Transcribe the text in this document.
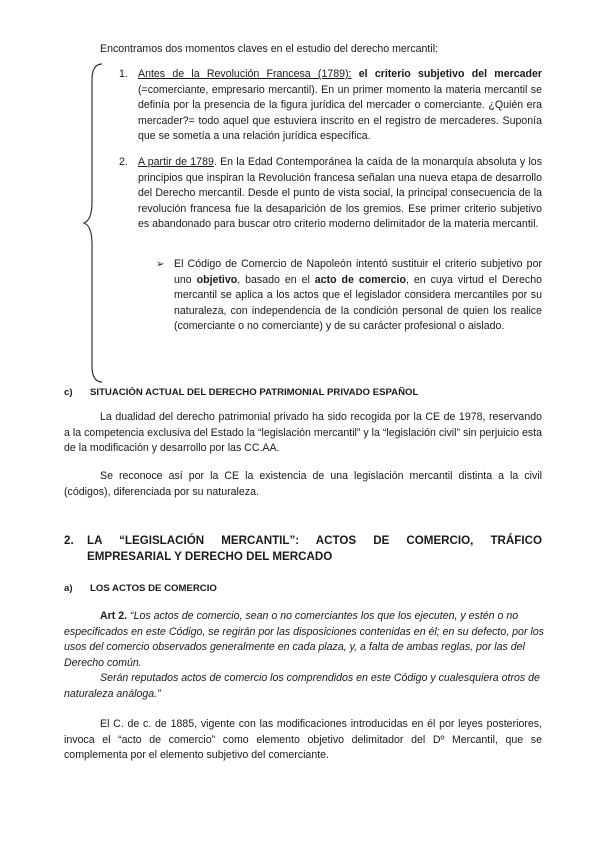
Encontramos dos momentos claves en el estudio del derecho mercantil:
1. Antes de la Revolución Francesa (1789): el criterio subjetivo del mercader (=comerciante, empresario mercantil). En un primer momento la materia mercantil se definía por la presencia de la figura jurídica del mercader o comerciante. ¿Quién era mercader?= todo aquel que estuviera inscrito en el registro de mercaderes. Suponía que se sometía a una relación jurídica específica.
2. A partir de 1789. En la Edad Contemporánea la caída de la monarquía absoluta y los principios que inspiran la Revolución francesa señalan una nueva etapa de desarrollo del Derecho mercantil. Desde el punto de vista social, la principal consecuencia de la revolución francesa fue la desaparición de los gremios. Ese primer criterio subjetivo es abandonado para buscar otro criterio moderno delimitador de la materia mercantil.
➢ El Código de Comercio de Napoleón intentó sustituir el criterio subjetivo por uno objetivo, basado en el acto de comercio, en cuya virtud el Derecho mercantil se aplica a los actos que el legislador considera mercantiles por su naturaleza, con independencia de la condición personal de quien los realice (comerciante o no comerciante) y de su carácter profesional o aislado.
c) SITUACIÓN ACTUAL DEL DERECHO PATRIMONIAL PRIVADO ESPAÑOL
La dualidad del derecho patrimonial privado ha sido recogida por la CE de 1978, reservando a la competencia exclusiva del Estado la “legislación mercantil” y la “legislación civil” sin perjuicio esta de la modificación y desarrollo por las CC.AA.
Se reconoce así por la CE la existencia de una legislación mercantil distinta a la civil (códigos), diferenciada por su naturaleza.
2. LA “LEGISLACIÓN MERCANTIL”: ACTOS DE COMERCIO, TRÁFICO EMPRESARIAL Y DERECHO DEL MERCADO
a) LOS ACTOS DE COMERCIO
Art 2. “Los actos de comercio, sean o no comerciantes los que los ejecuten, y estén o no especificados en este Código, se regirán por las disposiciones contenidas en él; en su defecto, por los usos del comercio observados generalmente en cada plaza, y, a falta de ambas reglas, por las del Derecho común.
Serán reputados actos de comercio los comprendidos en este Código y cualesquiera otros de naturaleza análoga.”
El C. de c. de 1885, vigente con las modificaciones introducidas en él por leyes posteriores, invoca el “acto de comercio” como elemento objetivo delimitador del Dº Mercantil, que se complementa por el elemento subjetivo del comerciante.
